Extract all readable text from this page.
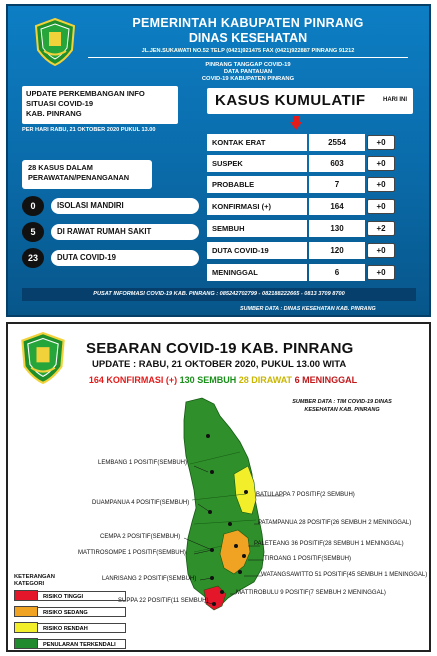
PEMERINTAH KABUPATEN PINRANG
DINAS KESEHATAN
JL.JEN.SUKAWATI NO.52 TELP (0421)921475 FAX (0421)922887 PINRANG 91212
PINRANG TANGGAP COVID-19
DATA PANTAUAN
COVID-19 KABUPATEN PINRANG
UPDATE PERKEMBANGAN INFO
SITUASI COVID-19
KAB. PINRANG
PER HARI RABU, 21 OKTOBER 2020 PUKUL 13.00
28 KASUS DALAM
PERAWATAN/PENANGANAN
0	ISOLASI MANDIRI
5	DI RAWAT RUMAH SAKIT
23	DUTA COVID-19
KASUS KUMULATIF	HARI INI
KONTAK ERAT	2554	+0
SUSPEK	603	+0
PROBABLE	7	+0
KONFIRMASI (+)	164	+0
SEMBUH	130	+2
DUTA COVID-19	120	+0
MENINGGAL	6	+0
PUSAT INFORMASI COVID-19 KAB. PINRANG : 085242702799 - 082188222665 - 0813 3709 8700
SUMBER DATA : DINAS KESEHATAN KAB. PINRANG
SEBARAN COVID-19 KAB. PINRANG
UPDATE : RABU, 21 OKTOBER 2020, PUKUL 13.00 WITA
164 KONFIRMASI (+) 130 SEMBUH 28 DIRAWAT 6 MENINGGAL
SUMBER DATA : TIM COVID-19 DINAS
KESEHATAN KAB. PINRANG
LEMBANG 1 POSITIF(SEMBUH)
DUAMPANUA 4 POSITIF(SEMBUH)
CEMPA 2 POSITIF(SEMBUH)
MATTIROSOMPE 1 POSITIF(SEMBUH)
LANRISANG 2 POSITIF(SEMBUH)
SUPPA 22 POSITIF(11 SEMBUH)
BATULAPPA 7 POSITIF(2 SEMBUH)
PATAMPANUA 28 POSITIF(26 SEMBUH 2 MENINGGAL)
PALETEANG 36 POSITIF(28 SEMBUH 1 MENINGGAL)
TIROANG 1 POSITIF(SEMBUH)
WATANGSAWITTO 51 POSITIF(45 SEMBUH 1 MENINGGAL)
MATTIROBULU 9 POSITIF(7 SEMBUH 2 MENINGGAL)
KETERANGAN
KATEGORI
RISIKO TINGGI
RISIKO SEDANG
RISIKO RENDAH
PENULARAN TERKENDALI
